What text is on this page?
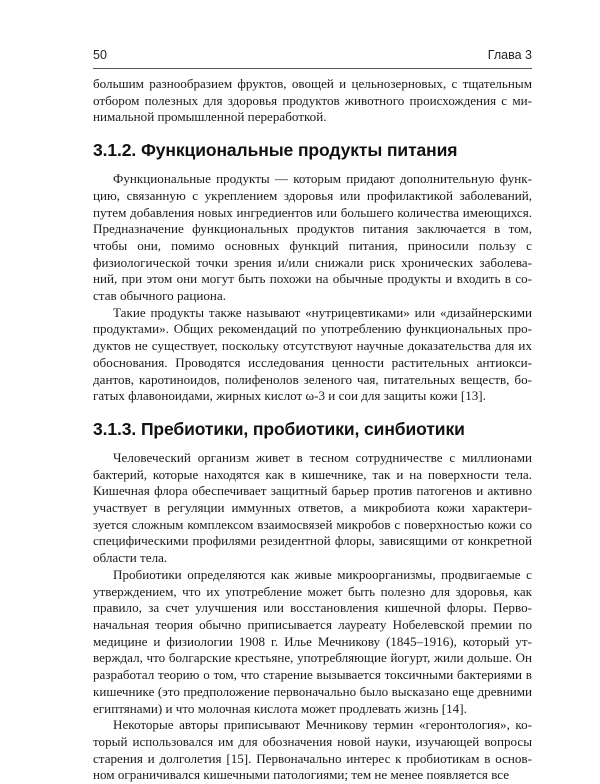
50	Глава 3

большим разнообразием фруктов, овощей и цельнозерновых, с тщательным отбором полезных для здоровья продуктов животного происхождения с минимальной промышленной переработкой.

3.1.2. Функциональные продукты питания

Функциональные продукты — которым придают дополнительную функцию, связанную с укреплением здоровья или профилактикой заболеваний, путем добавления новых ингредиентов или большего количества имеющихся. Предназначение функциональных продуктов питания заключается в том, чтобы они, помимо основных функций питания, приносили пользу с физиологической точки зрения и/или снижали риск хронических заболеваний, при этом они могут быть похожи на обычные продукты и входить в состав обычного рациона.

Такие продукты также называют «нутрицевтиками» или «дизайнерскими продуктами». Общих рекомендаций по употреблению функциональных продуктов не существует, поскольку отсутствуют научные доказательства для их обоснования. Проводятся исследования ценности растительных антиоксидантов, каротиноидов, полифенолов зеленого чая, питательных веществ, богатых флавоноидами, жирных кислот ω-3 и сои для защиты кожи [13].

3.1.3. Пребиотики, пробиотики, синбиотики

Человеческий организм живет в тесном сотрудничестве с миллионами бактерий, которые находятся как в кишечнике, так и на поверхности тела. Кишечная флора обеспечивает защитный барьер против патогенов и активно участвует в регуляции иммунных ответов, а микробиота кожи характеризуется сложным комплексом взаимосвязей микробов с поверхностью кожи со специфическими профилями резидентной флоры, зависящими от конкретной области тела.

Пробиотики определяются как живые микроорганизмы, продвигаемые с утверждением, что их употребление может быть полезно для здоровья, как правило, за счет улучшения или восстановления кишечной флоры. Первоначальная теория обычно приписывается лауреату Нобелевской премии по медицине и физиологии 1908 г. Илье Мечникову (1845–1916), который утверждал, что болгарские крестьяне, употребляющие йогурт, жили дольше. Он разработал теорию о том, что старение вызывается токсичными бактериями в кишечнике (это предположение первоначально было высказано еще древними египтянами) и что молочная кислота может продлевать жизнь [14].

Некоторые авторы приписывают Мечникову термин «геронтология», который использовался им для обозначения новой науки, изучающей вопросы старения и долголетия [15]. Первоначально интерес к пробиотикам в основном ограничивался кишечными патологиями; тем не менее появляется все
